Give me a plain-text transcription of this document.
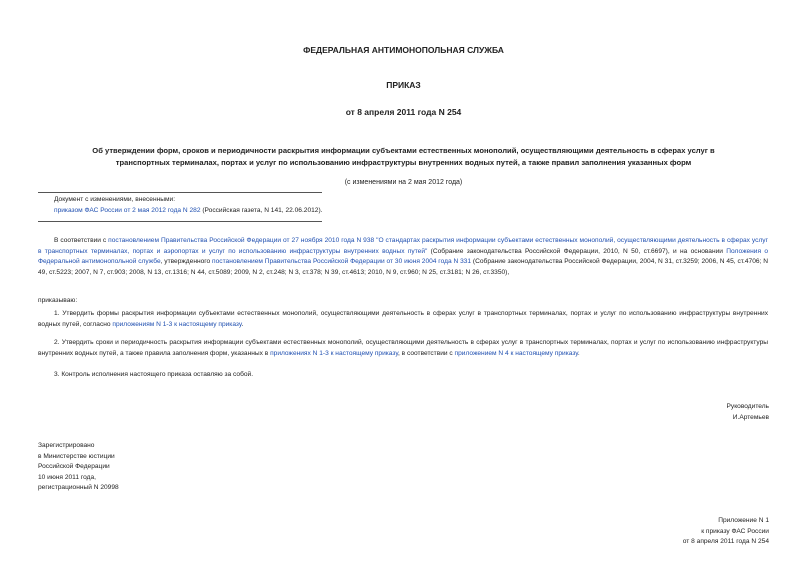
ФЕДЕРАЛЬНАЯ АНТИМОНОПОЛЬНАЯ СЛУЖБА
ПРИКАЗ
от 8 апреля 2011 года N 254
Об утверждении форм, сроков и периодичности раскрытия информации субъектами естественных монополий, осуществляющими деятельность в сферах услуг в
транспортных терминалах, портах и услуг по использованию инфраструктуры внутренних водных путей, а также правил заполнения указанных форм
(с изменениями на 2 мая 2012 года)
Документ с изменениями, внесенными:
приказом ФАС России от 2 мая 2012 года N 282 (Российская газета, N 141, 22.06.2012).

В соответствии с постановлением Правительства Российской Федерации от 27 ноября 2010 года N 938 "О стандартах раскрытия информации субъектами естественных монополий, осуществляющими деятельность в сферах услуг в транспортных терминалах, портах и аэропортах и услуг по использованию инфраструктуры внутренних водных путей" (Собрание законодательства Российской Федерации, 2010, N 50, ст.6697), и на основании Положения о Федеральной антимонопольной службе, утвержденного постановлением Правительства Российской Федерации от 30 июня 2004 года N 331 (Собрание законодательства Российской Федерации, 2004, N 31, ст.3259; 2006, N 45, ст.4706; N 49, ст.5223; 2007, N 7, ст.903; 2008, N 13, ст.1316; N 44, ст.5089; 2009, N 2, ст.248; N 3, ст.378; N 39, ст.4613; 2010, N 9, ст.960; N 25, ст.3181; N 26, ст.3350),

приказываю:

1. Утвердить формы раскрытия информации субъектами естественных монополий, осуществляющими деятельность в сферах услуг в транспортных терминалах, портах и услуг по использованию инфраструктуры внутренних водных путей, согласно приложениям N 1-3 к настоящему приказу.

2. Утвердить сроки и периодичность раскрытия информации субъектами естественных монополий, осуществляющими деятельность в сферах услуг в транспортных терминалах, портах и услуг по использованию инфраструктуры внутренних водных путей, а также правила заполнения форм, указанных в приложениях N 1-3 к настоящему приказу, в соответствии с приложением N 4 к настоящему приказу.

3. Контроль исполнения настоящего приказа оставляю за собой.

Руководитель
И.Артемьев
Зарегистрировано
в Министерстве юстиции
Российской Федерации
10 июня 2011 года,
регистрационный N 20998
Приложение N 1
к приказу ФАС России
от 8 апреля 2011 года N 254
